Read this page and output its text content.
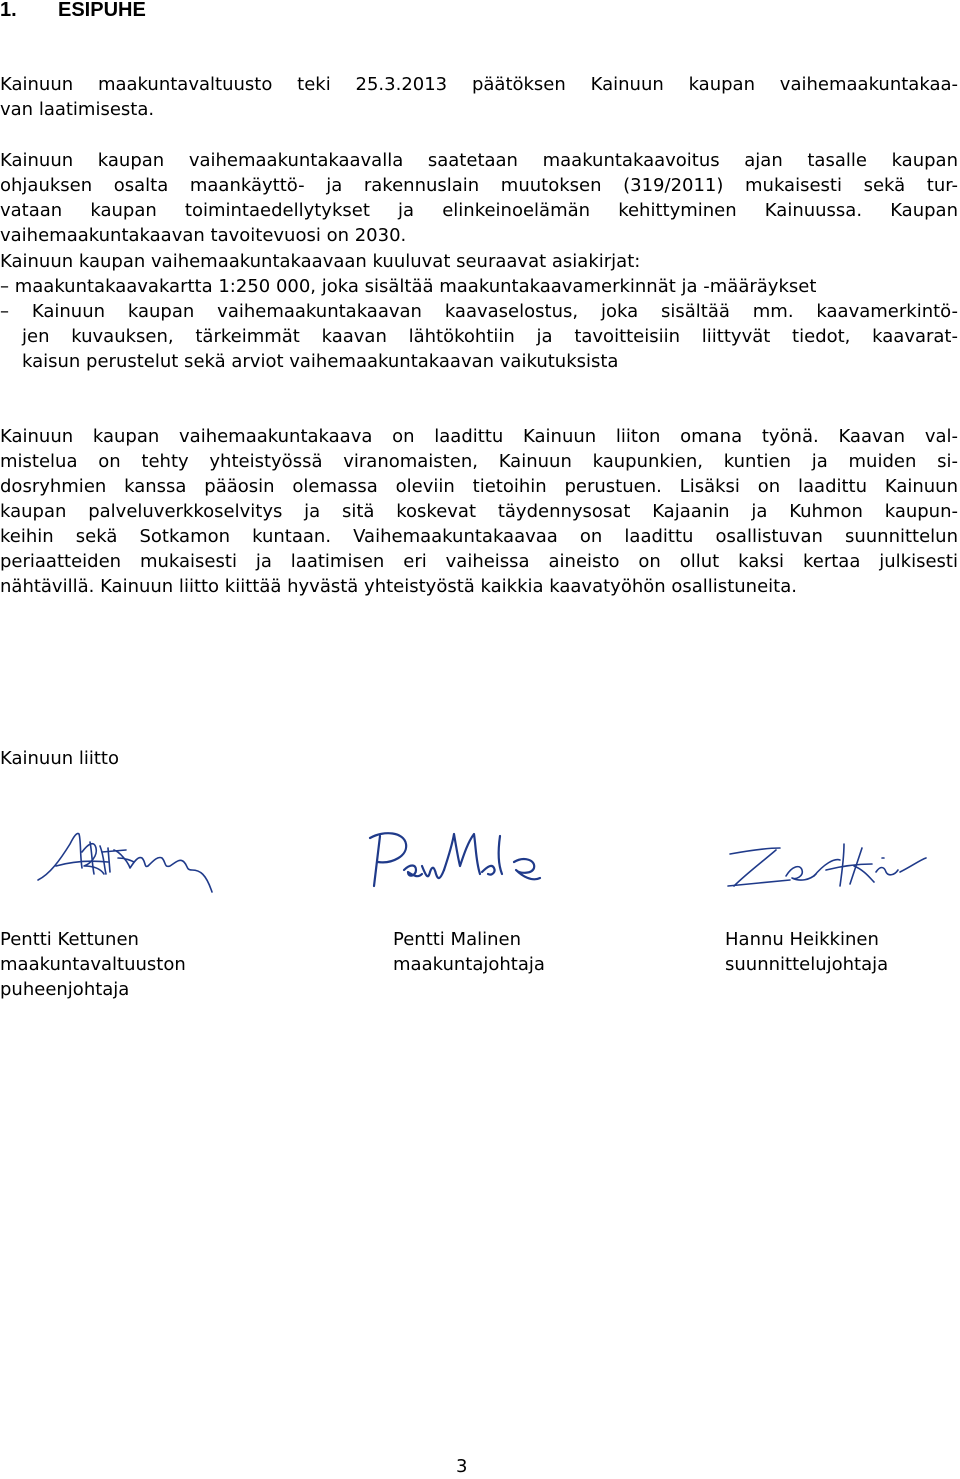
1. ESIPUHE

Kainuun maakuntavaltuusto teki 25.3.2013 päätöksen Kainuun kaupan vaihemaakuntakaa-
van laatimisesta.

Kainuun kaupan vaihemaakuntakaavalla saatetaan maakuntakaavoitus ajan tasalle kaupan
ohjauksen osalta maankäyttö- ja rakennuslain muutoksen (319/2011) mukaisesti sekä tur-
vataan kaupan toimintaedellytykset ja elinkeinoelämän kehittyminen Kainuussa. Kaupan
vaihemaakuntakaavan tavoitevuosi on 2030.

Kainuun kaupan vaihemaakuntakaavaan kuuluvat seuraavat asiakirjat:
– maakuntakaavakartta 1:250 000, joka sisältää maakuntakaavamerkinnät ja -määräykset
– Kainuun kaupan vaihemaakuntakaavan kaavaselostus, joka sisältää mm. kaavamerkintö-
jen kuvauksen, tärkeimmät kaavan lähtökohtiin ja tavoitteisiin liittyvät tiedot, kaavarat-
kaisun perustelut sekä arviot vaihemaakuntakaavan vaikutuksista

Kainuun kaupan vaihemaakuntakaava on laadittu Kainuun liiton omana työnä. Kaavan val-
mistelua on tehty yhteistyössä viranomaisten, Kainuun kaupunkien, kuntien ja muiden si-
dosryhmien kanssa pääosin olemassa oleviin tietoihin perustuen. Lisäksi on laadittu Kainuun
kaupan palveluverkkoselvitys ja sitä koskevat täydennysosat Kajaanin ja Kuhmon kaupun-
keihin sekä Sotkamon kuntaan. Vaihemaakuntakaavaa on laadittu osallistuvan suunnittelun
periaatteiden mukaisesti ja laatimisen eri vaiheissa aineisto on ollut kaksi kertaa julkisesti
nähtävillä. Kainuun liitto kiittää hyvästä yhteistyöstä kaikkia kaavatyöhön osallistuneita.

Kainuun liitto

Pentti Kettunen
maakuntavaltuuston
puheenjohtaja

Pentti Malinen
maakuntajohtaja

Hannu Heikkinen
suunnittelujohtaja

3
